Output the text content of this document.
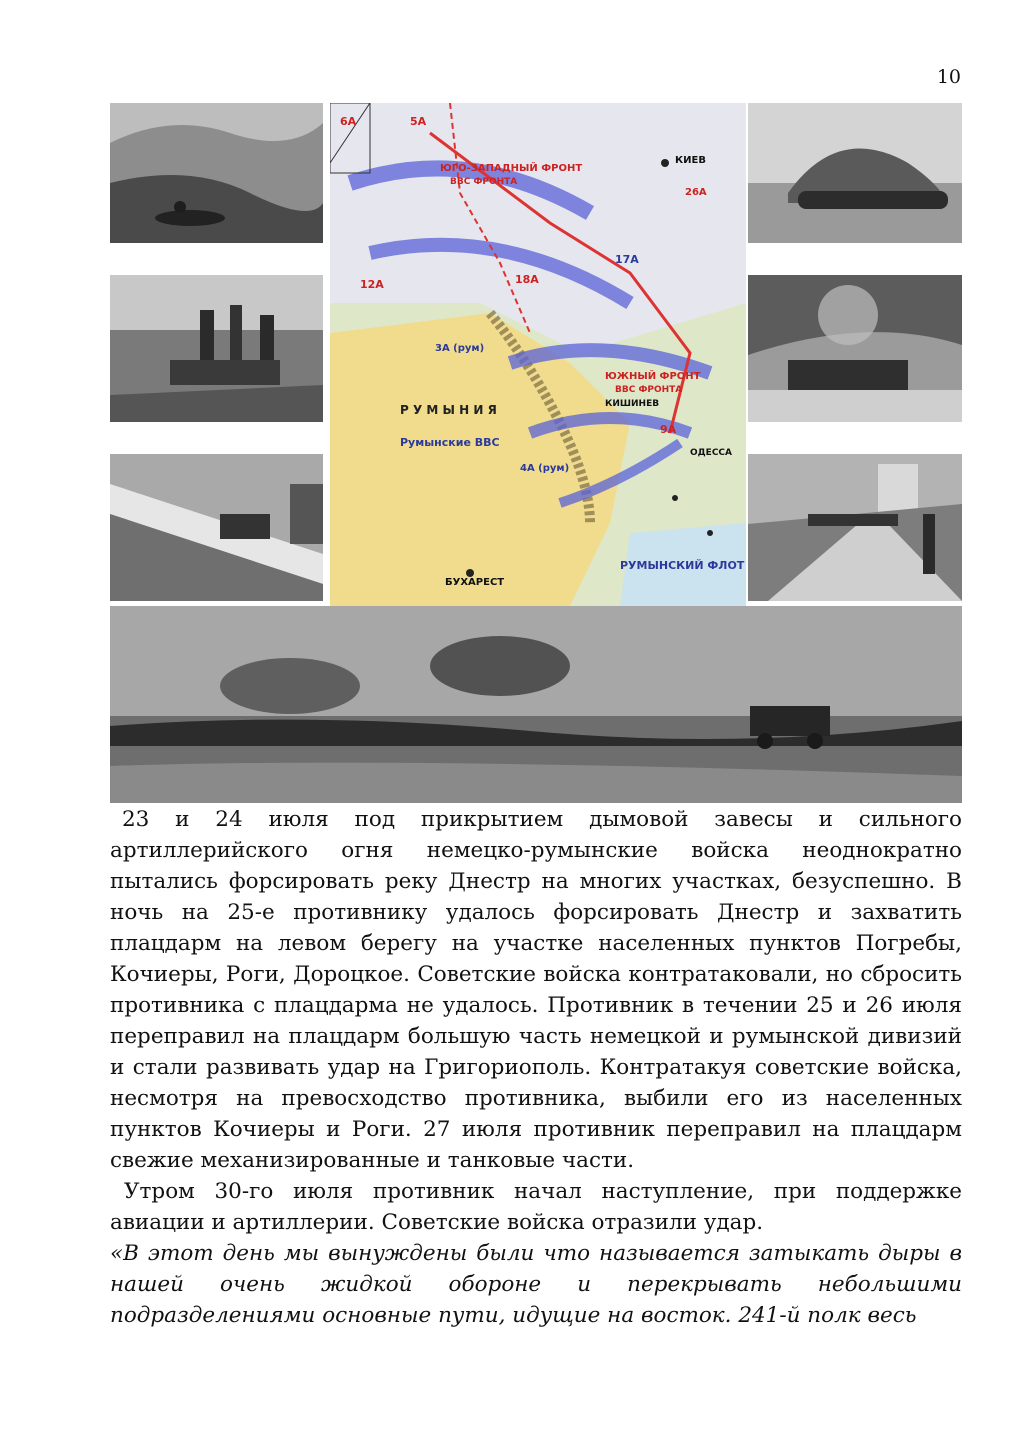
10
ЮГО-ЗАПАДНЫЙ ФРОНТ
ВВС ФРОНТА
КИЕВ
ЮЖНЫЙ ФРОНТ
ВВС ФРОНТА
КИШИНЕВ
Р У М Ы Н И Я
Румынские ВВС
ОДЕССА
БУХАРЕСТ
РУМЫНСКИЙ ФЛОТ
6А	5А
26А
17А
12А	18А
9А
3А (рум)
4А (рум)

23 и 24 июля под прикрытием дымовой завесы и сильного артиллерийского огня немецко-румынские войска неоднократно пытались форсировать реку Днестр на многих участках, безуспешно. В ночь на 25-е противнику удалось форсировать Днестр и захватить плацдарм на левом берегу на участке населенных пунктов Погребы, Кочиеры, Роги, Дороцкое. Советские войска контратаковали, но сбросить противника с плацдарма не удалось. Противник в течении 25 и 26 июля переправил на плацдарм большую часть немецкой и румынской дивизий и стали развивать удар на Григориополь. Контратакуя советские войска, несмотря на превосходство противника, выбили его из населенных пунктов Кочиеры и Роги. 27 июля противник переправил на плацдарм свежие механизированные и танковые части.

Утром 30-го июля противник начал наступление, при поддержке авиации и артиллерии. Советские войска отразили удар.

«В этот день мы вынуждены были что называется затыкать дыры в нашей очень жидкой обороне и перекрывать небольшими подразделениями основные пути, идущие на восток. 241-й полк весь
